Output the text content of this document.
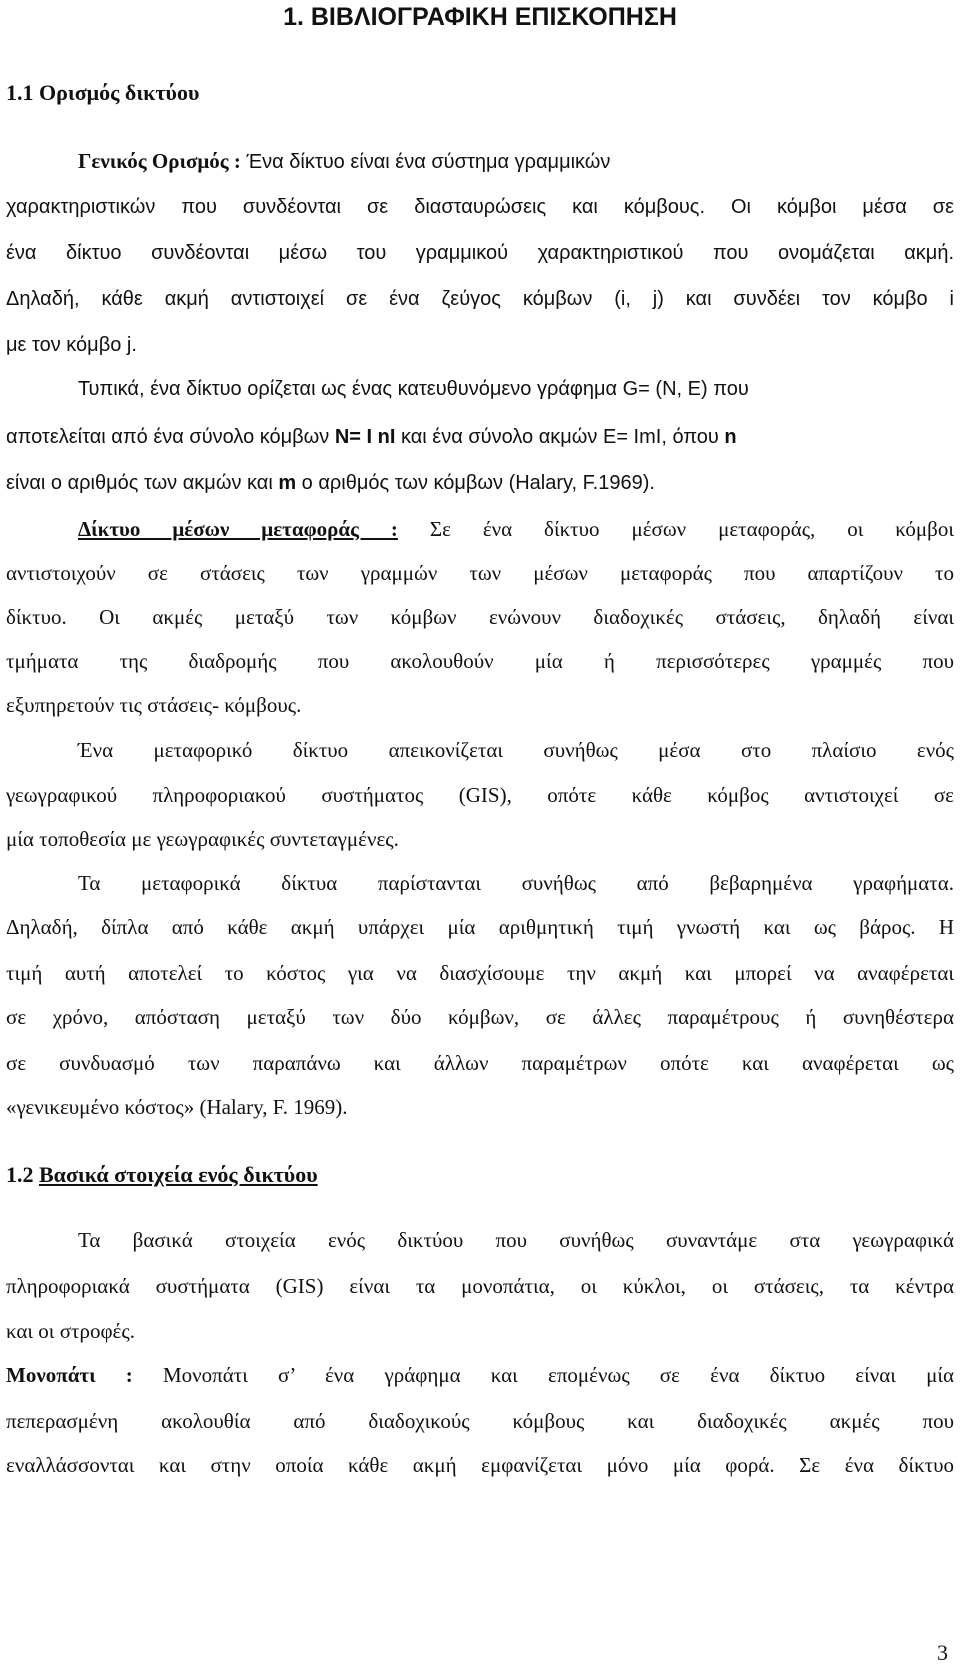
1. ΒΙΒΛΙΟΓΡΑΦΙΚΗ ΕΠΙΣΚΟΠΗΣΗ

1.1 Ορισμός δικτύου

Γενικός Ορισμός : Ένα δίκτυο είναι ένα σύστημα γραμμικών

χαρακτηριστικών που συνδέονται σε διασταυρώσεις και κόμβους. Οι κόμβοι μέσα σε

ένα δίκτυο συνδέονται μέσω του γραμμικού χαρακτηριστικού που ονομάζεται ακμή.

Δηλαδή, κάθε ακμή αντιστοιχεί σε ένα ζεύγος κόμβων (i, j) και συνδέει τον κόμβο i

με τον κόμβο j.

Τυπικά, ένα δίκτυο ορίζεται ως ένας κατευθυνόμενο γράφημα G= (N, E) που

αποτελείται από ένα σύνολο κόμβων N= I nI και ένα σύνολο ακμών E= ImI, όπου n

είναι ο αριθμός των ακμών και m ο αριθμός των κόμβων (Halary, F.1969).

Δίκτυο μέσων μεταφοράς : Σε ένα δίκτυο μέσων μεταφοράς, οι κόμβοι

αντιστοιχούν σε στάσεις των γραμμών των μέσων μεταφοράς που απαρτίζουν το

δίκτυο. Οι ακμές μεταξύ των κόμβων ενώνουν διαδοχικές στάσεις, δηλαδή είναι

τμήματα της διαδρομής που ακολουθούν μία ή περισσότερες γραμμές που

εξυπηρετούν τις στάσεις- κόμβους.

Ένα μεταφορικό δίκτυο απεικονίζεται συνήθως μέσα στο πλαίσιο ενός

γεωγραφικού πληροφοριακού συστήματος (GIS), οπότε κάθε κόμβος αντιστοιχεί σε

μία τοποθεσία με γεωγραφικές συντεταγμένες.

Τα μεταφορικά δίκτυα παρίστανται συνήθως από βεβαρημένα γραφήματα.

Δηλαδή, δίπλα από κάθε ακμή υπάρχει μία αριθμητική τιμή γνωστή και ως βάρος. Η

τιμή αυτή αποτελεί το κόστος για να διασχίσουμε την ακμή και μπορεί να αναφέρεται

σε χρόνο, απόσταση μεταξύ των δύο κόμβων, σε άλλες παραμέτρους ή συνηθέστερα

σε συνδυασμό των παραπάνω και άλλων παραμέτρων οπότε και αναφέρεται ως

«γενικευμένο κόστος» (Halary, F. 1969).

1.2 Βασικά στοιχεία ενός δικτύου

Τα βασικά στοιχεία ενός δικτύου που συνήθως συναντάμε στα γεωγραφικά

πληροφοριακά συστήματα (GIS) είναι τα μονοπάτια, οι κύκλοι, οι στάσεις, τα κέντρα

και οι στροφές.

Μονοπάτι : Μονοπάτι σ’ ένα γράφημα και επομένως σε ένα δίκτυο είναι μία

πεπερασμένη ακολουθία από διαδοχικούς κόμβους και διαδοχικές ακμές που

εναλλάσσονται και στην οποία κάθε ακμή εμφανίζεται μόνο μία φορά. Σε ένα δίκτυο

3
